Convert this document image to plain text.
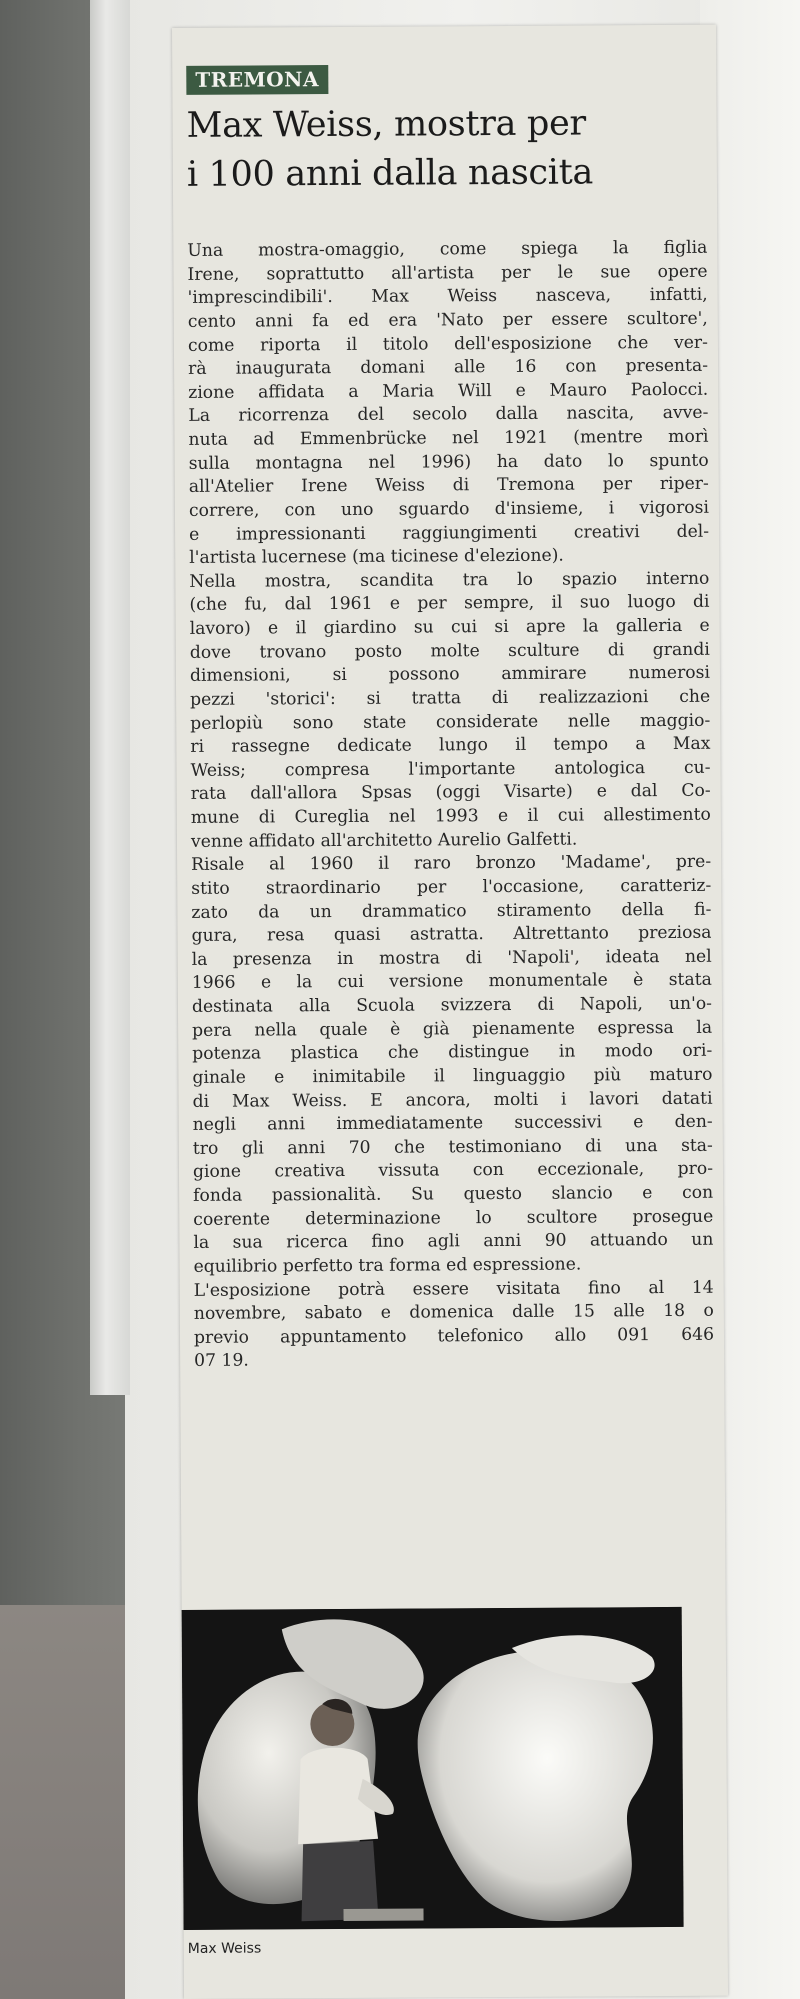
TREMONA
Max Weiss, mostra per
i 100 anni dalla nascita
Una mostra-omaggio, come spiega la figlia
Irene, soprattutto all'artista per le sue opere
'imprescindibili'. Max Weiss nasceva, infatti,
cento anni fa ed era 'Nato per essere scultore',
come riporta il titolo dell'esposizione che ver-
rà inaugurata domani alle 16 con presenta-
zione affidata a Maria Will e Mauro Paolocci.
La ricorrenza del secolo dalla nascita, avve-
nuta ad Emmenbrücke nel 1921 (mentre morì
sulla montagna nel 1996) ha dato lo spunto
all'Atelier Irene Weiss di Tremona per riper-
correre, con uno sguardo d'insieme, i vigorosi
e impressionanti raggiungimenti creativi del-
l'artista lucernese (ma ticinese d'elezione).
Nella mostra, scandita tra lo spazio interno
(che fu, dal 1961 e per sempre, il suo luogo di
lavoro) e il giardino su cui si apre la galleria e
dove trovano posto molte sculture di grandi
dimensioni, si possono ammirare numerosi
pezzi 'storici': si tratta di realizzazioni che
perlopiù sono state considerate nelle maggio-
ri rassegne dedicate lungo il tempo a Max
Weiss; compresa l'importante antologica cu-
rata dall'allora Spsas (oggi Visarte) e dal Co-
mune di Cureglia nel 1993 e il cui allestimento
venne affidato all'architetto Aurelio Galfetti.
Risale al 1960 il raro bronzo 'Madame', pre-
stito straordinario per l'occasione, caratteriz-
zato da un drammatico stiramento della fi-
gura, resa quasi astratta. Altrettanto preziosa
la presenza in mostra di 'Napoli', ideata nel
1966 e la cui versione monumentale è stata
destinata alla Scuola svizzera di Napoli, un'o-
pera nella quale è già pienamente espressa la
potenza plastica che distingue in modo ori-
ginale e inimitabile il linguaggio più maturo
di Max Weiss. E ancora, molti i lavori datati
negli anni immediatamente successivi e den-
tro gli anni 70 che testimoniano di una sta-
gione creativa vissuta con eccezionale, pro-
fonda passionalità. Su questo slancio e con
coerente determinazione lo scultore prosegue
la sua ricerca fino agli anni 90 attuando un
equilibrio perfetto tra forma ed espressione.
L'esposizione potrà essere visitata fino al 14
novembre, sabato e domenica dalle 15 alle 18 o
previo appuntamento telefonico allo 091 646
07 19.
Max Weiss
